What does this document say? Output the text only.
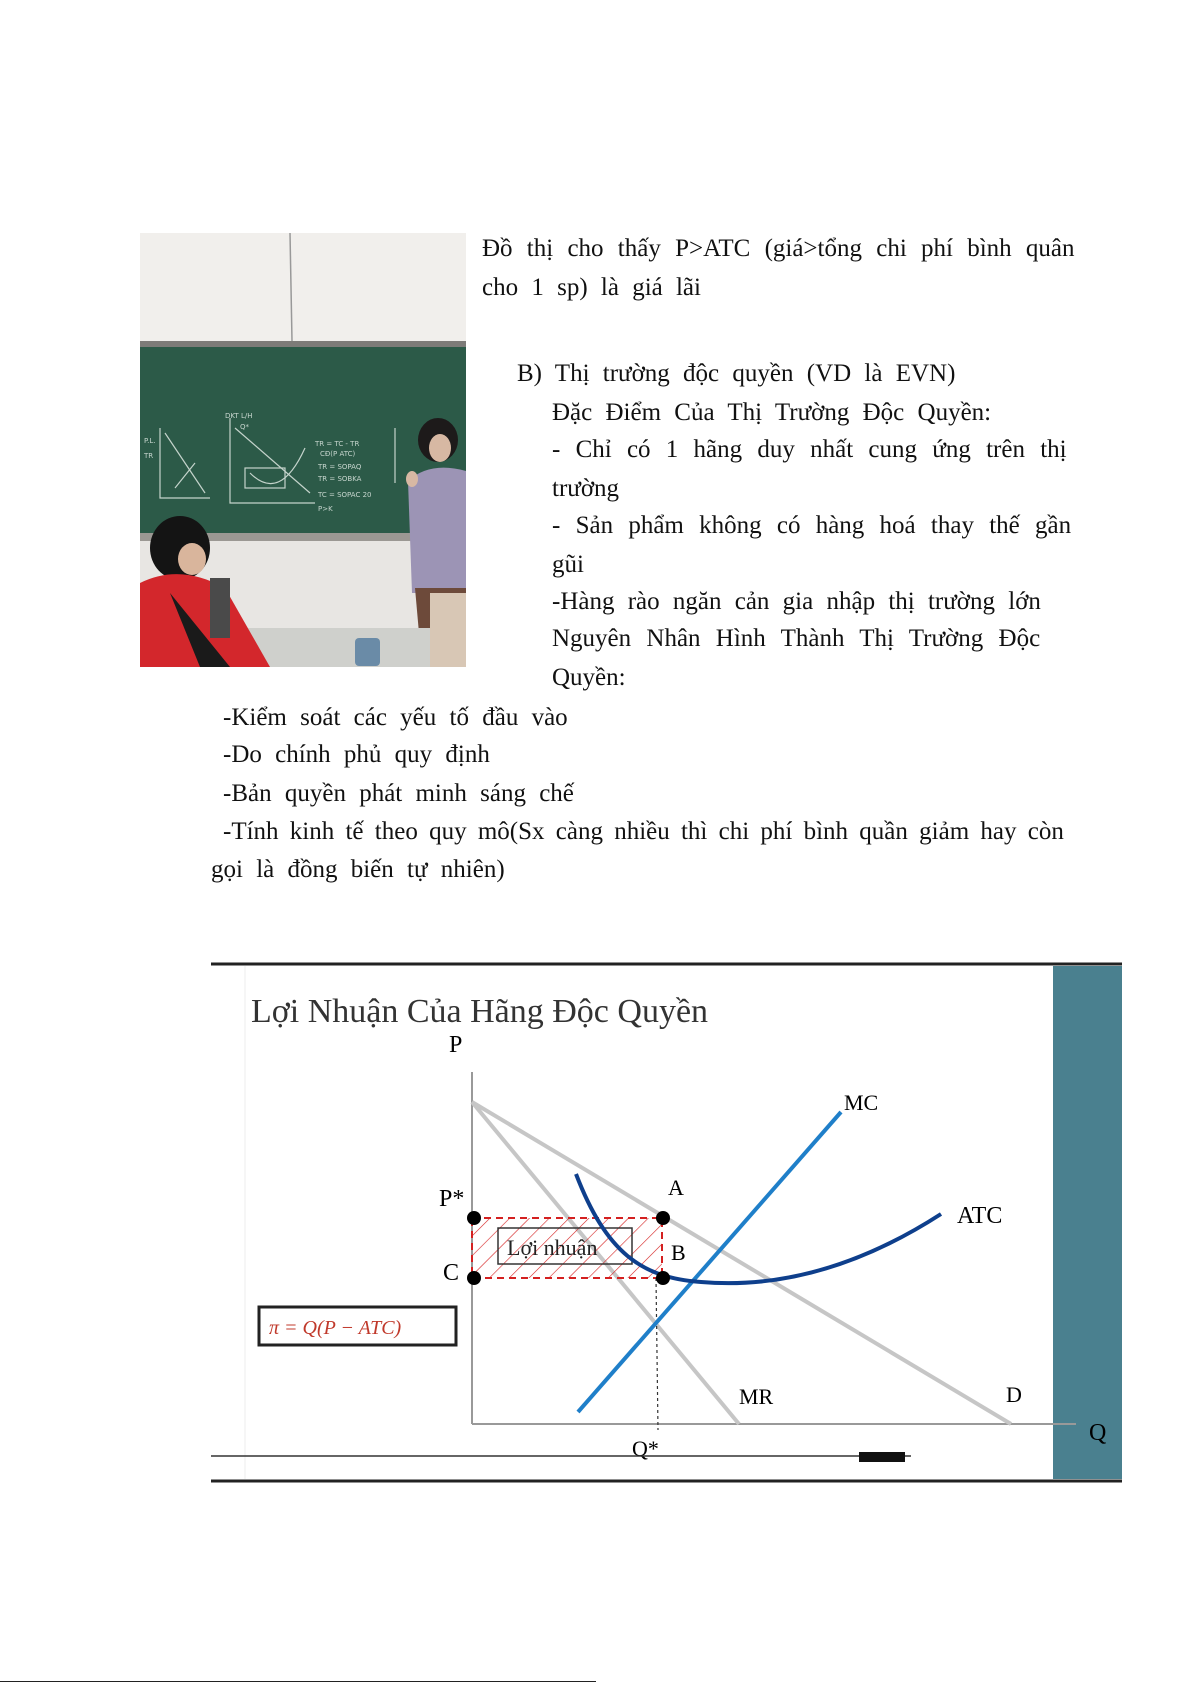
TR = TC - TR
CĐ(P ATC)
TR = SOPAQ
TR = SOBKA
TC = SOPAC 20
P>K
DKT L/H
Q*
P.L.
TR
Đồ thị cho thấy P>ATC (giá>tổng chi phí bình quân
cho 1 sp) là giá lãi
B) Thị trường độc quyền (VD là EVN)
Đặc Điểm Của Thị Trường Độc Quyền:
- Chỉ có 1 hãng duy nhất cung ứng trên thị
trường
- Sản phẩm không có hàng hoá thay thế gần
gũi
-Hàng rào ngăn cản gia nhập thị trường lớn
Nguyên Nhân Hình Thành Thị Trường Độc
Quyền:
-Kiểm soát các yếu tố đầu vào
-Do chính phủ quy định
-Bản quyền phát minh sáng chế
-Tính kinh tế theo quy mô(Sx càng nhiều thì chi phí bình quần giảm hay còn
gọi là đồng biến tự nhiên)
Lợi Nhuận Của Hãng Độc Quyền
P
Q
Lợi nhuận
P*
C
A
B
MC
ATC
MR	D
Q*
π = Q(P − ATC)
